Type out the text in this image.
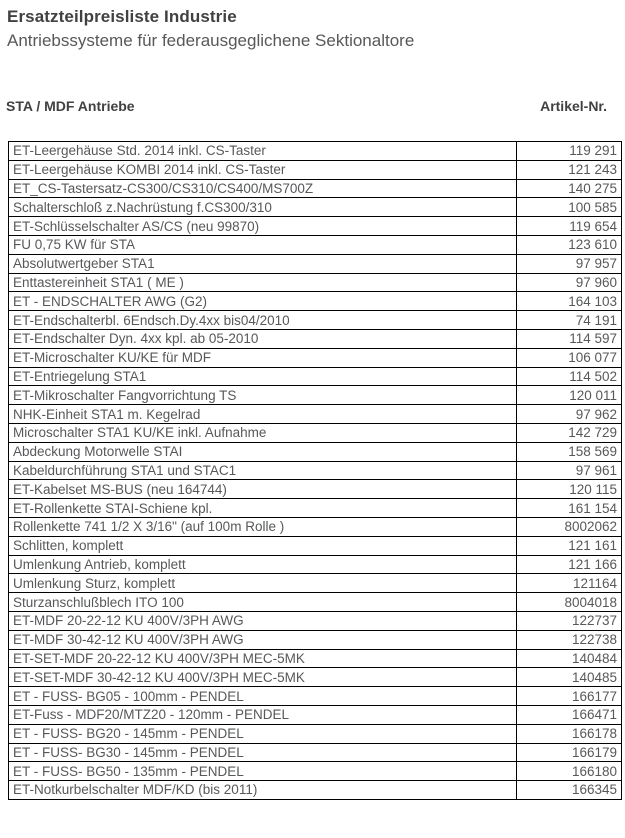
Ersatzteilpreisliste Industrie
Antriebssysteme für federausgeglichene Sektionaltore
STA / MDF Antriebe	Artikel-Nr.
ET-Leergehäuse Std. 2014 inkl. CS-Taster	119 291
ET-Leergehäuse KOMBI 2014 inkl. CS-Taster	121 243
ET_CS-Tastersatz-CS300/CS310/CS400/MS700Z	140 275
Schalterschloß z.Nachrüstung f.CS300/310	100 585
ET-Schlüsselschalter AS/CS (neu 99870)	119 654
FU 0,75 KW für STA	123 610
Absolutwertgeber STA1	97 957
Enttastereinheit STA1 ( ME )	97 960
ET - ENDSCHALTER AWG (G2)	164 103
ET-Endschalterbl. 6Endsch.Dy.4xx bis04/2010	74 191
ET-Endschalter Dyn. 4xx kpl. ab 05-2010	114 597
ET-Microschalter KU/KE für MDF	106 077
ET-Entriegelung STA1	114 502
ET-Mikroschalter Fangvorrichtung TS	120 011
NHK-Einheit STA1 m. Kegelrad	97 962
Microschalter STA1 KU/KE inkl. Aufnahme	142 729
Abdeckung Motorwelle STAI	158 569
Kabeldurchführung STA1 und STAC1	97 961
ET-Kabelset MS-BUS (neu 164744)	120 115
ET-Rollenkette STAI-Schiene kpl.	161 154
Rollenkette 741 1/2 X 3/16" (auf 100m Rolle )	8002062
Schlitten, komplett	121 161
Umlenkung Antrieb, komplett	121 166
Umlenkung Sturz, komplett	121164
Sturzanschlußblech ITO 100	8004018
ET-MDF 20-22-12 KU 400V/3PH AWG	122737
ET-MDF 30-42-12 KU 400V/3PH AWG	122738
ET-SET-MDF 20-22-12 KU 400V/3PH MEC-5MK	140484
ET-SET-MDF 30-42-12 KU 400V/3PH MEC-5MK	140485
ET - FUSS- BG05 - 100mm - PENDEL	166177
ET-Fuss - MDF20/MTZ20 - 120mm - PENDEL	166471
ET - FUSS- BG20 - 145mm - PENDEL	166178
ET - FUSS- BG30 - 145mm - PENDEL	166179
ET - FUSS- BG50 - 135mm - PENDEL	166180
ET-Notkurbelschalter MDF/KD (bis 2011)	166345
